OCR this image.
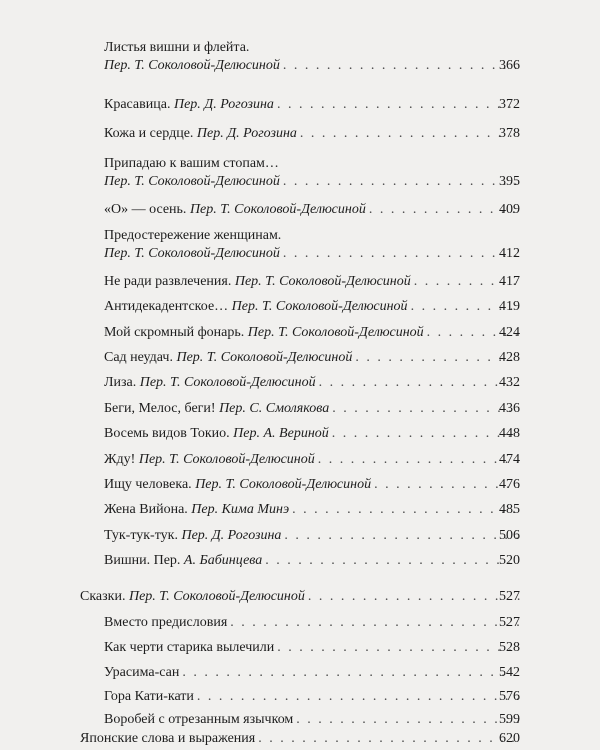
Листья вишни и флейта.
Пер. Т. Соколовой-Делюсиной . . .	366
Красавица. Пер. Д. Рогозина . . .	372
Кожа и сердце. Пер. Д. Рогозина . . .	378
Припадаю к вашим стопам…
Пер. Т. Соколовой-Делюсиной . . .	395
«О» — осень. Пер. Т. Соколовой-Делюсиной . . .	409
Предостережение женщинам.
Пер. Т. Соколовой-Делюсиной . . .	412
Не ради развлечения. Пер. Т. Соколовой-Делюсиной . . .	417
Антидекадентское… Пер. Т. Соколовой-Делюсиной . . .	419
Мой скромный фонарь. Пер. Т. Соколовой-Делюсиной . . .	424
Сад неудач. Пер. Т. Соколовой-Делюсиной . . .	428
Лиза. Пер. Т. Соколовой-Делюсиной . . .	432
Беги, Мелос, беги! Пер. С. Смолякова . . .	436
Восемь видов Токио. Пер. А. Вериной . . .	448
Жду! Пер. Т. Соколовой-Делюсиной . . .	474
Ищу человека. Пер. Т. Соколовой-Делюсиной . . .	476
Жена Вийона. Пер. Кима Минэ . . .	485
Тук-тук-тук. Пер. Д. Рогозина . . .	506
Вишни. Пер. А. Бабинцева . . .	520
Сказки. Пер. Т. Соколовой-Делюсиной . . .	527
Вместо предисловия . . .	527
Как черти старика вылечили . . .	528
Урасима-сан . . .	542
Гора Кати-кати . . .	576
Воробей с отрезанным язычком . . .	599
Японские слова и выражения . . .	620
